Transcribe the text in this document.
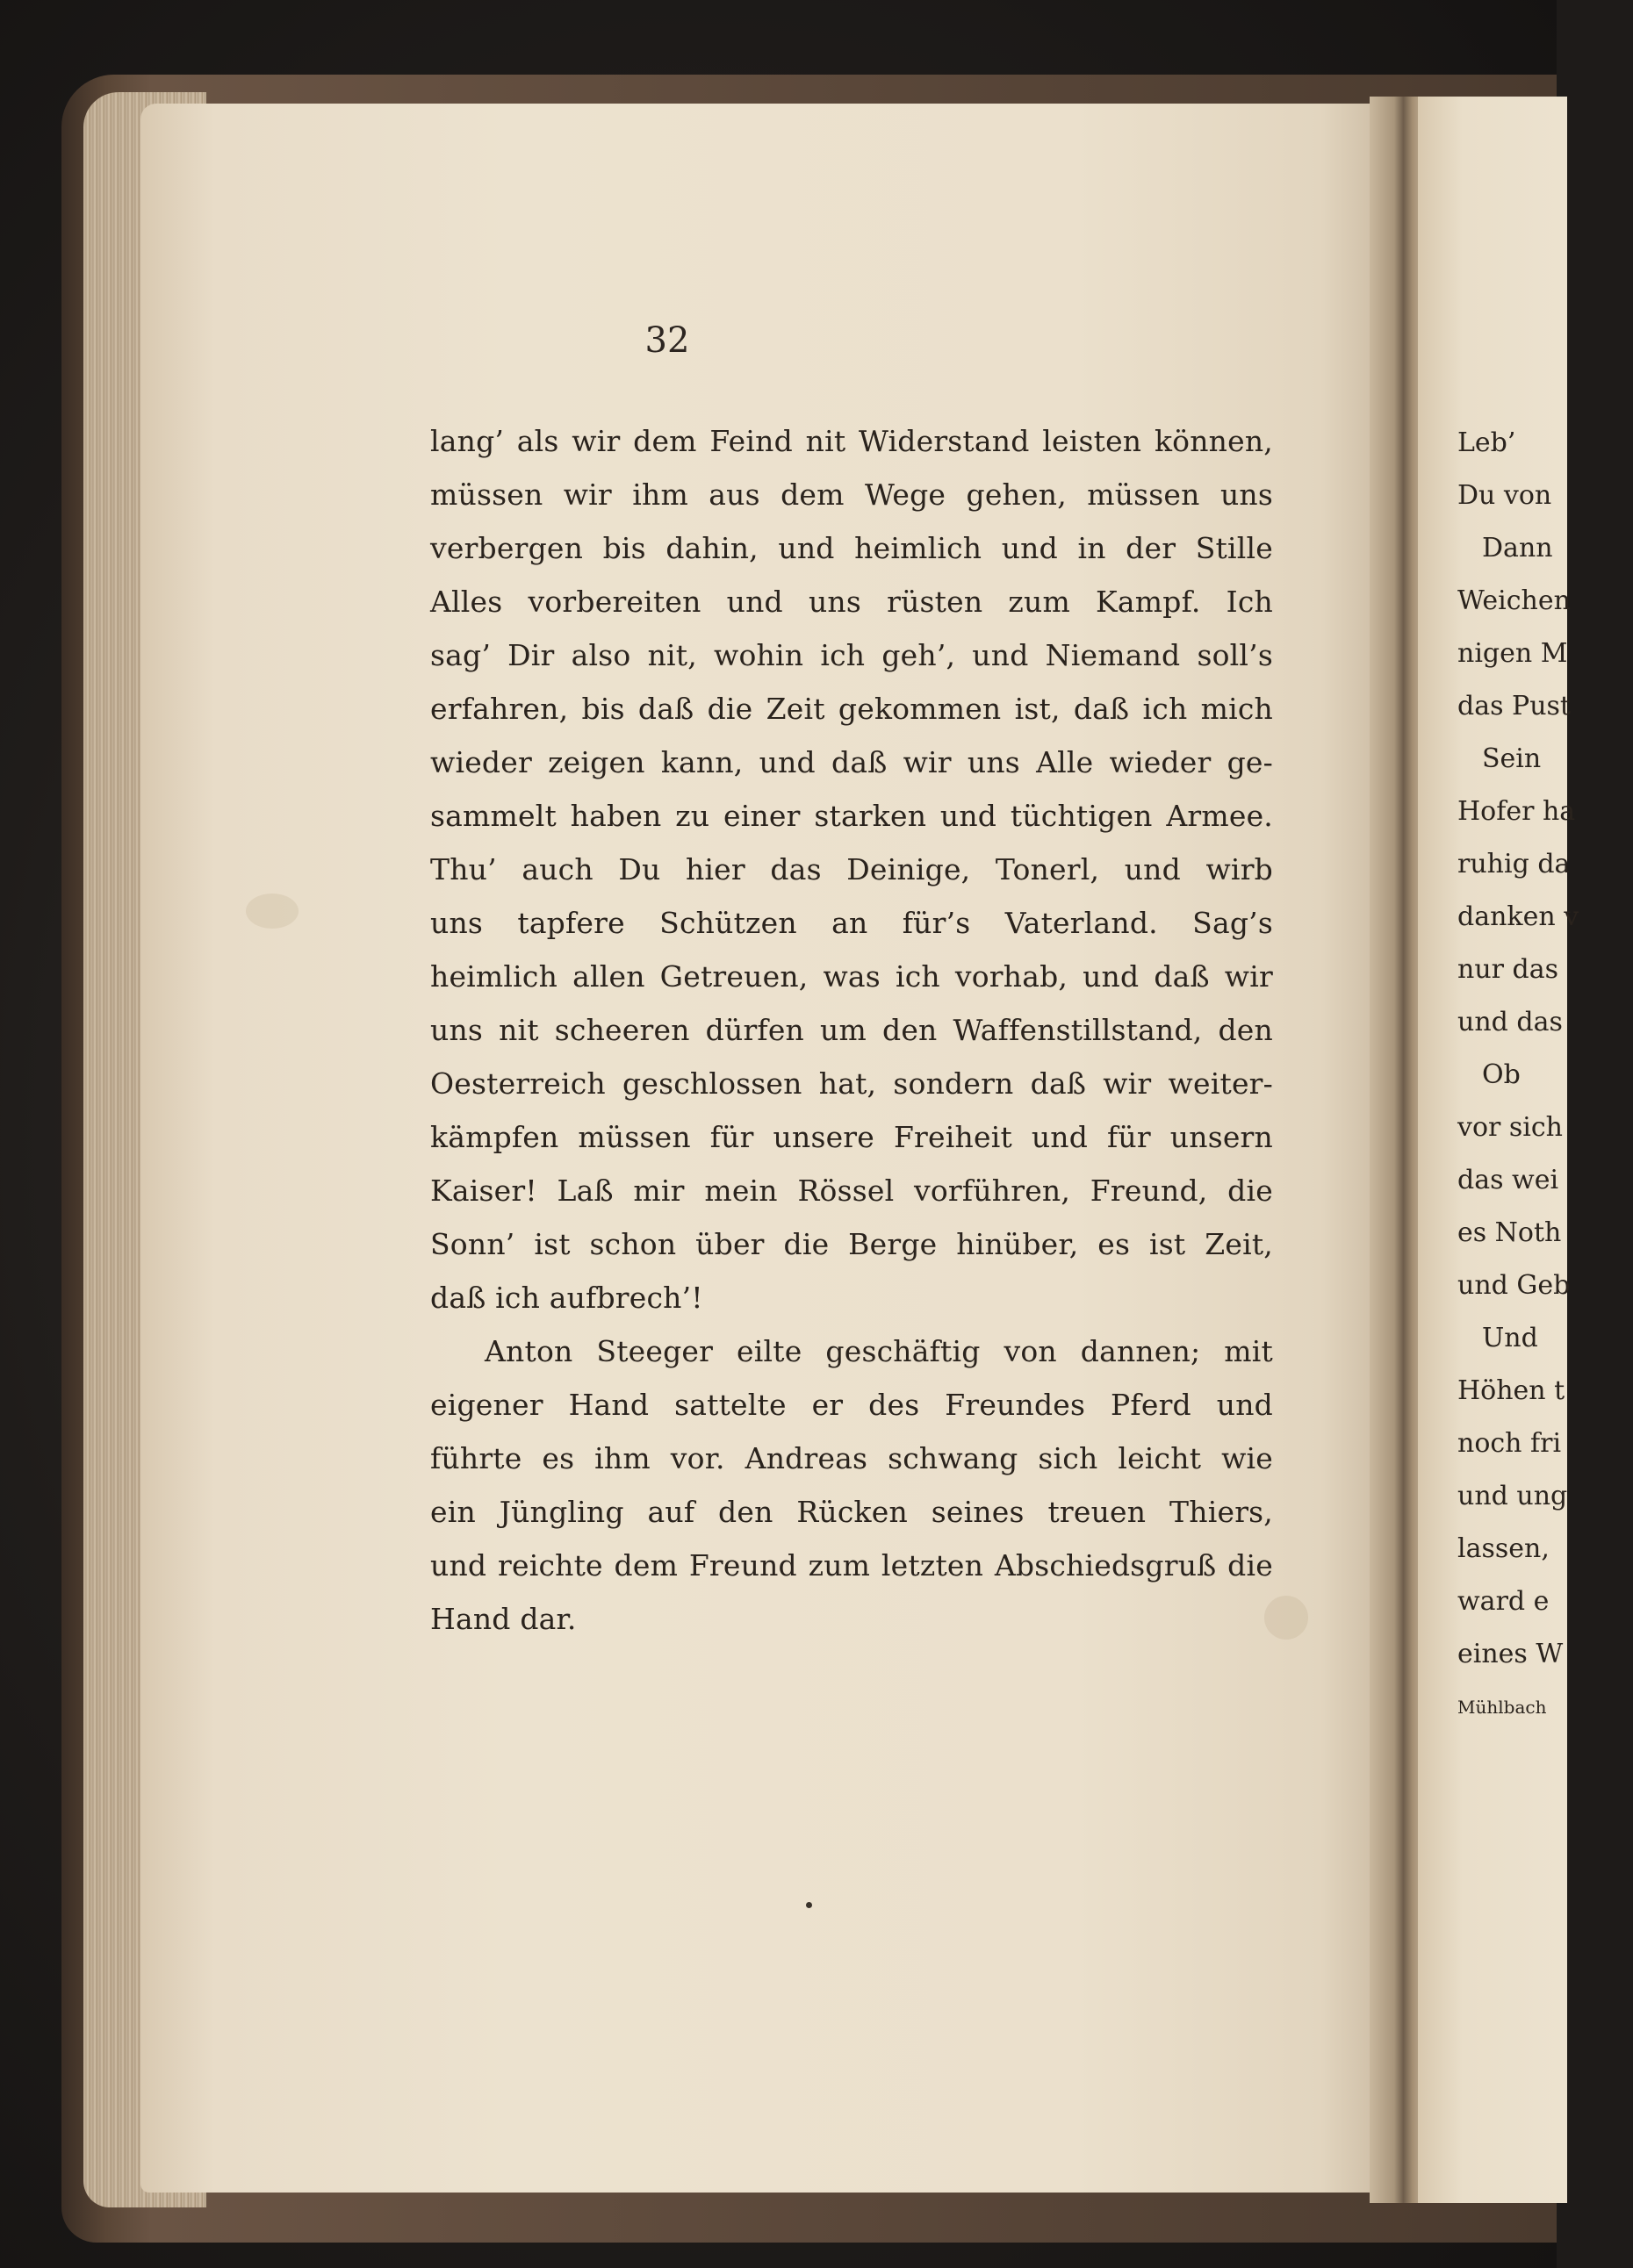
Leb’
Du von
Dann
Weichen
nigen M
das Pust
Sein
Hofer ha
ruhig da
danken v
nur das
und das
Ob
vor sich
das wei
es Noth
und Geb
Und
Höhen t
noch fri
und ung
lassen,
ward e
eines W
Mühlbach
32
lang’ als wir dem Feind nit Widerstand leisten können,
müssen wir ihm aus dem Wege gehen, müssen uns
verbergen bis dahin, und heimlich und in der Stille
Alles vorbereiten und uns rüsten zum Kampf. Ich
sag’ Dir also nit, wohin ich geh’, und Niemand soll’s
erfahren, bis daß die Zeit gekommen ist, daß ich mich
wieder zeigen kann, und daß wir uns Alle wieder ge-
sammelt haben zu einer starken und tüchtigen Armee.
Thu’ auch Du hier das Deinige, Tonerl, und wirb
uns tapfere Schützen an für’s Vaterland. Sag’s
heimlich allen Getreuen, was ich vorhab, und daß wir
uns nit scheeren dürfen um den Waffenstillstand, den
Oesterreich geschlossen hat, sondern daß wir weiter-
kämpfen müssen für unsere Freiheit und für unsern
Kaiser! Laß mir mein Rössel vorführen, Freund, die
Sonn’ ist schon über die Berge hinüber, es ist Zeit,
daß ich aufbrech’!
Anton Steeger eilte geschäftig von dannen; mit
eigener Hand sattelte er des Freundes Pferd und
führte es ihm vor. Andreas schwang sich leicht wie
ein Jüngling auf den Rücken seines treuen Thiers,
und reichte dem Freund zum letzten Abschiedsgruß die
Hand dar.
